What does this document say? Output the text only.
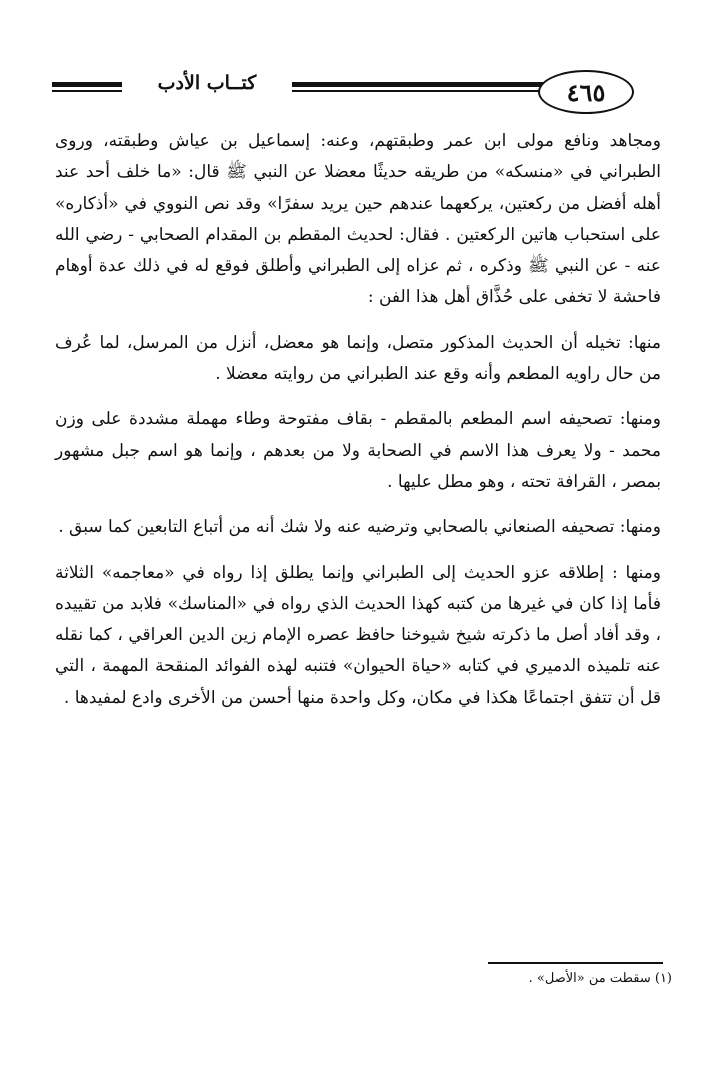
كتــاب الأدب	٤٦٥

ومجاهد ونافع مولى ابن عمر وطبقتهم، وعنه: إسماعيل بن عياش وطبقته، وروى الطبراني في «منسكه» من طريقه حديثًا معضلا عن النبي ﷺ قال: «ما خلف أحد عند أهله أفضل من ركعتين، يركعهما عندهم حين يريد سفرًا» وقد نص النووي في «أذكاره» على استحباب هاتين الركعتين . فقال: لحديث المقطم بن المقدام الصحابي - رضي الله عنه - عن النبي ﷺ وذكره ، ثم عزاه إلى الطبراني وأطلق فوقع له في ذلك عدة أوهام فاحشة لا تخفى على حُذَّاق أهل هذا الفن :

منها: تخيله أن الحديث المذكور متصل، وإنما هو معضل، أنزل من المرسل، لما عُرف من حال راويه المطعم وأنه وقع عند الطبراني من روايته معضلا .

ومنها: تصحيفه اسم المطعم بالمقطم - بقاف مفتوحة وطاء مهملة مشددة على وزن محمد - ولا يعرف هذا الاسم في الصحابة ولا من بعدهم ، وإنما هو اسم جبل مشهور بمصر ، القرافة تحته ، وهو مطل عليها .

ومنها: تصحيفه الصنعاني بالصحابي وترضيه عنه ولا شك أنه من أتباع التابعين كما سبق .

ومنها : إطلاقه عزو الحديث إلى الطبراني وإنما يطلق إذا رواه في «معاجمه» الثلاثة فأما إذا كان في غيرها من كتبه كهذا الحديث الذي رواه في «المناسك» فلابد من تقييده ، وقد أفاد أصل ما ذكرته شيخ شيوخنا حافظ عصره الإمام زين الدين العراقي ، كما نقله عنه تلميذه الدميري في كتابه «حياة الحيوان» فتنبه لهذه الفوائد المنقحة المهمة ، التي قل أن تتفق اجتماعًا هكذا في مكان، وكل واحدة منها أحسن من الأخرى وادع لمفيدها .

(١) سقطت من «الأصل» .
